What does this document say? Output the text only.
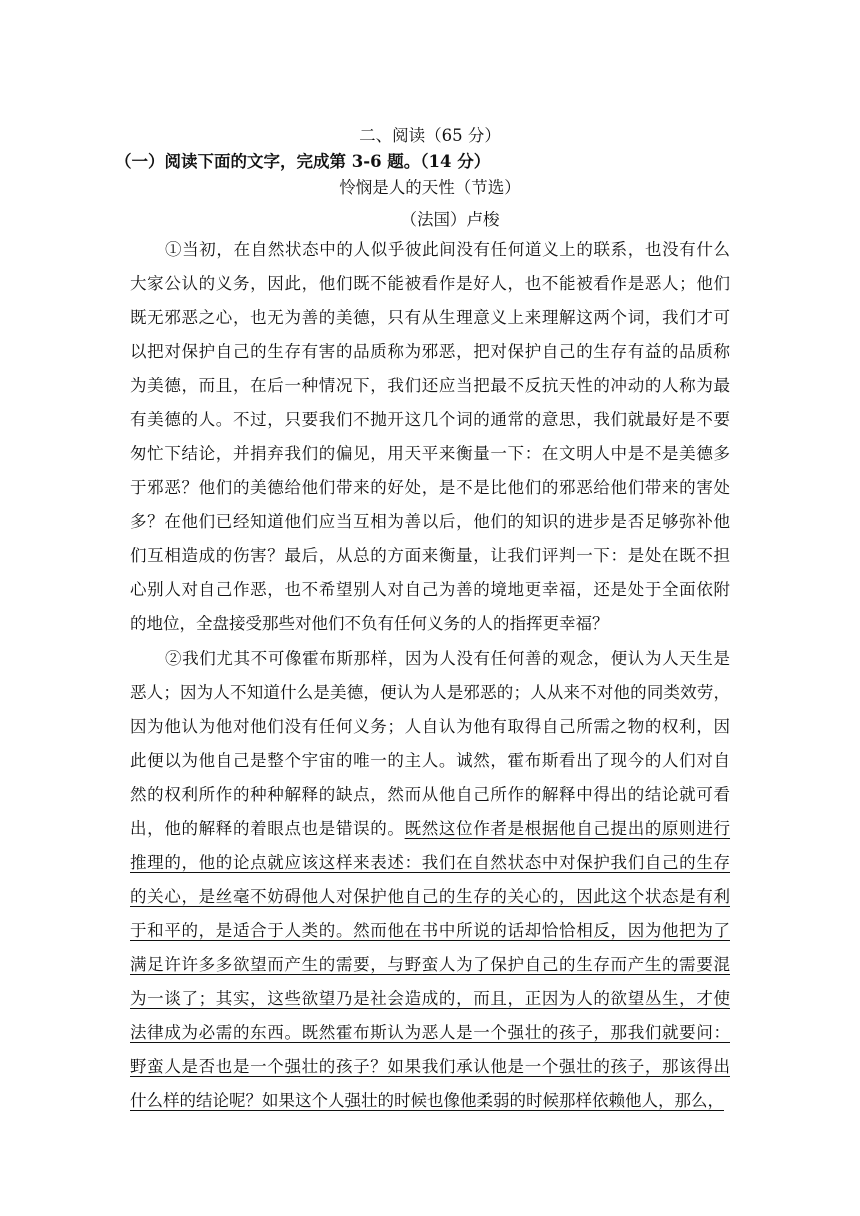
二、阅读（65 分）
（一）阅读下面的文字，完成第 3-6 题。（14 分）
怜悯是人的天性（节选）
（法国）卢梭
①当初，在自然状态中的人似乎彼此间没有任何道义上的联系，也没有什么
大家公认的义务，因此，他们既不能被看作是好人，也不能被看作是恶人；他们
既无邪恶之心，也无为善的美德，只有从生理意义上来理解这两个词，我们才可
以把对保护自己的生存有害的品质称为邪恶，把对保护自己的生存有益的品质称
为美德，而且，在后一种情况下，我们还应当把最不反抗天性的冲动的人称为最
有美德的人。不过，只要我们不抛开这几个词的通常的意思，我们就最好是不要
匆忙下结论，并捐弃我们的偏见，用天平来衡量一下：在文明人中是不是美德多
于邪恶？他们的美德给他们带来的好处，是不是比他们的邪恶给他们带来的害处
多？在他们已经知道他们应当互相为善以后，他们的知识的进步是否足够弥补他
们互相造成的伤害？最后，从总的方面来衡量，让我们评判一下：是处在既不担
心别人对自己作恶，也不希望别人对自己为善的境地更幸福，还是处于全面依附
的地位，全盘接受那些对他们不负有任何义务的人的指挥更幸福？
②我们尤其不可像霍布斯那样，因为人没有任何善的观念，便认为人天生是
恶人；因为人不知道什么是美德，便认为人是邪恶的；人从来不对他的同类效劳，
因为他认为他对他们没有任何义务；人自认为他有取得自己所需之物的权利，因
此便以为他自己是整个宇宙的唯一的主人。诚然，霍布斯看出了现今的人们对自
然的权利所作的种种解释的缺点，然而从他自己所作的解释中得出的结论就可看
出，他的解释的着眼点也是错误的。既然这位作者是根据他自己提出的原则进行
推理的，他的论点就应该这样来表述：我们在自然状态中对保护我们自己的生存
的关心，是丝毫不妨碍他人对保护他自己的生存的关心的，因此这个状态是有利
于和平的，是适合于人类的。然而他在书中所说的话却恰恰相反，因为他把为了
满足许许多多欲望而产生的需要，与野蛮人为了保护自己的生存而产生的需要混
为一谈了；其实，这些欲望乃是社会造成的，而且，正因为人的欲望丛生，才使
法律成为必需的东西。既然霍布斯认为恶人是一个强壮的孩子，那我们就要问：
野蛮人是否也是一个强壮的孩子？如果我们承认他是一个强壮的孩子，那该得出
什么样的结论呢？如果这个人强壮的时候也像他柔弱的时候那样依赖他人，那么，
